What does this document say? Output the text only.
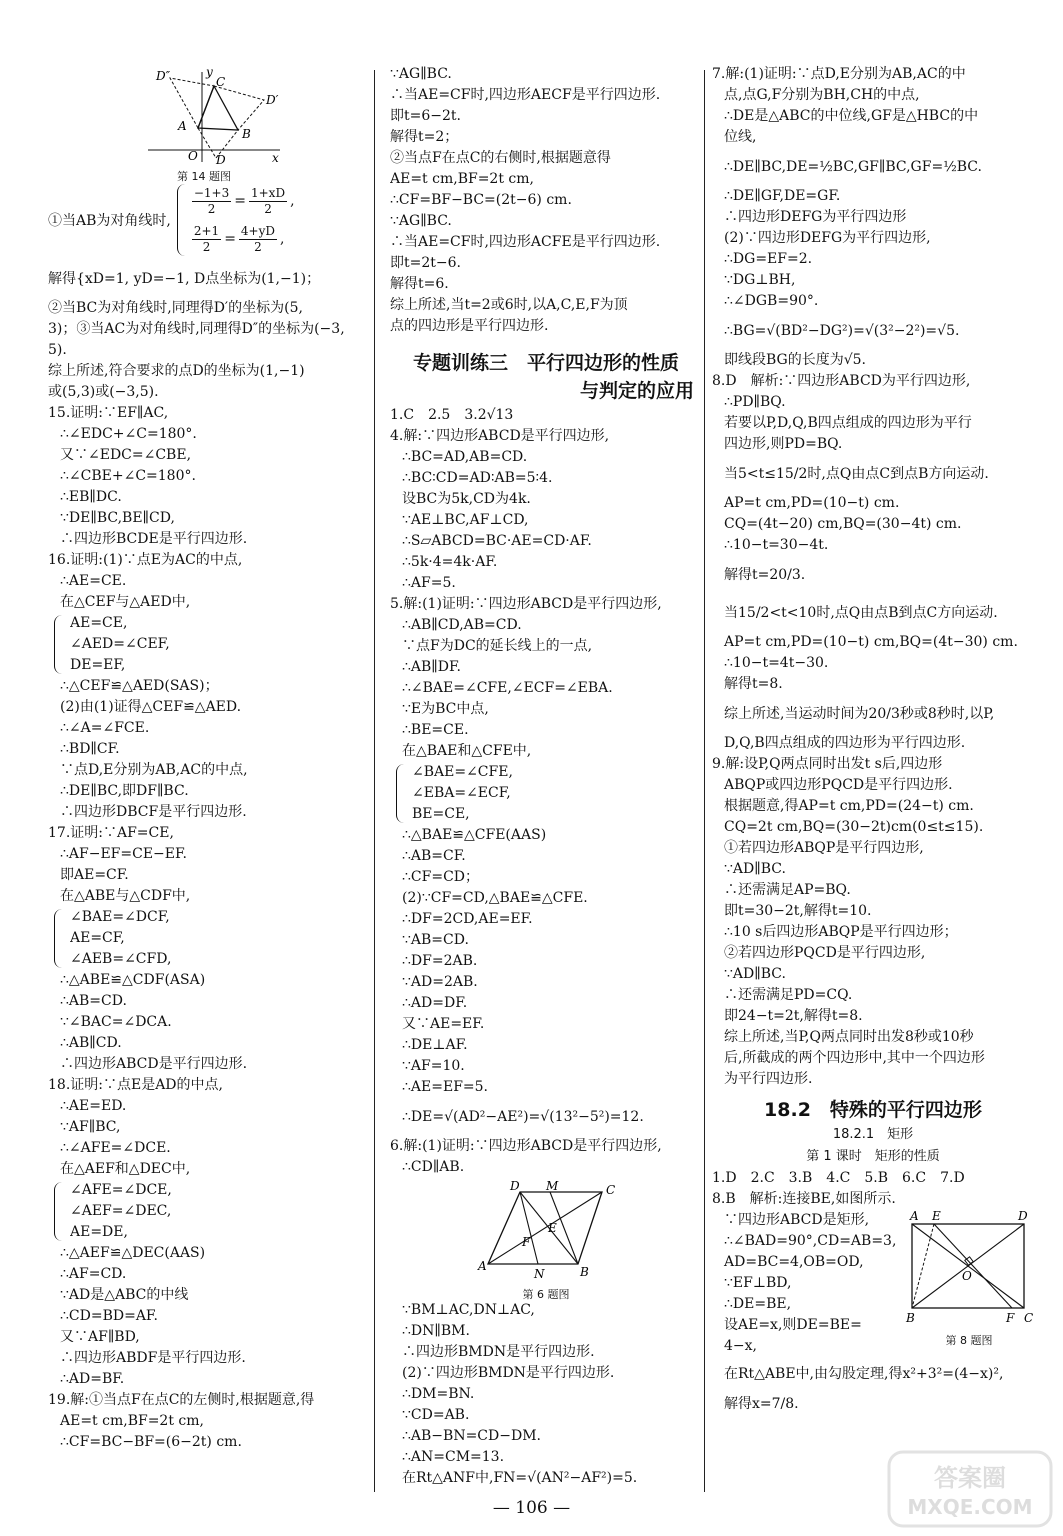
D″	y
C
D′
A
B
O D	x
第 14 题图
①当AB为对角线时,
$\frac{-1+3}{2} = \frac{1+xD}{2}$ ,
$\frac{2+1}{2} = \frac{4+yD}{2}$ ,
解得{xD=1, yD=−1, D点坐标为(1,−1)；
②当BC为对角线时,同理得D′的坐标为(5,
3)；③当AC为对角线时,同理得D″的坐标为(−3,
5).
综上所述,符合要求的点D的坐标为(1,−1)
或(5,3)或(−3,5).
15.证明:∵EF∥AC,
∴∠EDC+∠C=180°.
又∵∠EDC=∠CBE,
∴∠CBE+∠C=180°.
∴EB∥DC.
∵DE∥BC,BE∥CD,
∴四边形BCDE是平行四边形.
16.证明:(1)∵点E为AC的中点,
∴AE=CE.
在△CEF与△AED中,
AE=CE,
∠AED=∠CEF,
DE=EF,
∴△CEF≌△AED(SAS)；
(2)由(1)证得△CEF≌△AED.
∴∠A=∠FCE.
∴BD∥CF.
∵点D,E分别为AB,AC的中点,
∴DE∥BC,即DF∥BC.
∴四边形DBCF是平行四边形.
17.证明:∵AF=CE,
∴AF−EF=CE−EF.
即AE=CF.
在△ABE与△CDF中,
∠BAE=∠DCF,
AE=CF,
∠AEB=∠CFD,
∴△ABE≌△CDF(ASA)
∴AB=CD.
∵∠BAC=∠DCA.
∴AB∥CD.
∴四边形ABCD是平行四边形.
18.证明:∵点E是AD的中点,
∴AE=ED.
∵AF∥BC,
∴∠AFE=∠DCE.
在△AEF和△DEC中,
∠AFE=∠DCE,
∠AEF=∠DEC,
AE=DE,
∴△AEF≌△DEC(AAS)
∴AF=CD.
∵AD是△ABC的中线
∴CD=BD=AF.
又∵AF∥BD,
∴四边形ABDF是平行四边形.
∴AD=BF.
19.解:①当点F在点C的左侧时,根据题意,得
AE=t cm,BF=2t cm,
∴CF=BC−BF=(6−2t) cm.
∵AG∥BC.
∴当AE=CF时,四边形AECF是平行四边形.
即t=6−2t.
解得t=2；
②当点F在点C的右侧时,根据题意得
AE=t cm,BF=2t cm,
∴CF=BF−BC=(2t−6) cm.
∵AG∥BC.
∴当AE=CF时,四边形ACFE是平行四边形.
即t=2t−6.
解得t=6.
综上所述,当t=2或6时,以A,C,E,F为顶
点的四边形是平行四边形.
专题训练三　平行四边形的性质
与判定的应用
1.C　2.5　3.2√13
4.解:∵四边形ABCD是平行四边形,
∴BC=AD,AB=CD.
∴BC∶CD=AD∶AB=5∶4.
设BC为5k,CD为4k.
∵AE⊥BC,AF⊥CD,
∴S▱ABCD=BC·AE=CD·AF.
∴5k·4=4k·AF.
∴AF=5.
5.解:(1)证明:∵四边形ABCD是平行四边形,
∴AB∥CD,AB=CD.
∵点F为DC的延长线上的一点,
∴AB∥DF.
∴∠BAE=∠CFE,∠ECF=∠EBA.
∵E为BC中点,
∴BE=CE.
在△BAE和△CFE中,
∠BAE=∠CFE,
∠EBA=∠ECF,
BE=CE,
∴△BAE≌△CFE(AAS)
∴AB=CF.
∴CF=CD；
(2)∵CF=CD,△BAE≌△CFE.
∴DF=2CD,AE=EF.
∵AB=CD.
∴DF=2AB.
∵AD=2AB.
∴AD=DF.
又∵AE=EF.
∴DE⊥AF.
∵AF=10.
∴AE=EF=5.
∴DE=√(AD²−AE²)=√(13²−5²)=12.
6.解:(1)证明:∵四边形ABCD是平行四边形,
∴CD∥AB.
D M	C
F
E
A
N	B
第 6 题图
∵BM⊥AC,DN⊥AC,
∴DN∥BM.
∴四边形BMDN是平行四边形.
(2)∵四边形BMDN是平行四边形.
∴DM=BN.
∵CD=AB.
∴AB−BN=CD−DM.
∴AN=CM=13.
在Rt△ANF中,FN=√(AN²−AF²)=5.
7.解:(1)证明:∵点D,E分别为AB,AC的中
点,点G,F分别为BH,CH的中点,
∴DE是△ABC的中位线,GF是△HBC的中
位线,
∴DE∥BC,DE=½BC,GF∥BC,GF=½BC.
∴DE∥GF,DE=GF.
∴四边形DEFG为平行四边形
(2)∵四边形DEFG为平行四边形,
∴DG=EF=2.
∵DG⊥BH,
∴∠DGB=90°.
∴BG=√(BD²−DG²)=√(3²−2²)=√5.
即线段BG的长度为√5.
8.D　解析:∵四边形ABCD为平行四边形,
∴PD∥BQ.
若要以P,D,Q,B四点组成的四边形为平行
四边形,则PD=BQ.
当5<t≤15/2时,点Q由点C到点B方向运动.
AP=t cm,PD=(10−t) cm.
CQ=(4t−20) cm,BQ=(30−4t) cm.
∴10−t=30−4t.
解得t=20/3.
当15/2<t<10时,点Q由点B到点C方向运动.
AP=t cm,PD=(10−t) cm,BQ=(4t−30) cm.
∴10−t=4t−30.
解得t=8.
综上所述,当运动时间为20/3秒或8秒时,以P,
D,Q,B四点组成的四边形为平行四边形.
9.解:设P,Q两点同时出发t s后,四边形
ABQP或四边形PQCD是平行四边形.
根据题意,得AP=t cm,PD=(24−t) cm.
CQ=2t cm,BQ=(30−2t)cm(0≤t≤15).
①若四边形ABQP是平行四边形,
∵AD∥BC.
∴还需满足AP=BQ.
即t=30−2t,解得t=10.
∴10 s后四边形ABQP是平行四边形；
②若四边形PQCD是平行四边形,
∵AD∥BC.
∴还需满足PD=CQ.
即24−t=2t,解得t=8.
综上所述,当P,Q两点同时出发8秒或10秒
后,所截成的两个四边形中,其中一个四边形
为平行四边形.
18.2　特殊的平行四边形
18.2.1　矩形
第 1 课时　矩形的性质
1.D　2.C　3.B　4.C　5.B　6.C　7.D
8.B　解析:连接BE,如图所示.
∵四边形ABCD是矩形,
∴∠BAD=90°,CD=AB=3,
AD=BC=4,OB=OD,
∵EF⊥BD,
∴DE=BE,
设AE=x,则DE=BE=
4−x,
A E	D
O
B	F C
第 8 题图
在Rt△ABE中,由勾股定理,得x²+3²=(4−x)²,
解得x=7/8.
— 106 —
答案圈
MXQE.COM
